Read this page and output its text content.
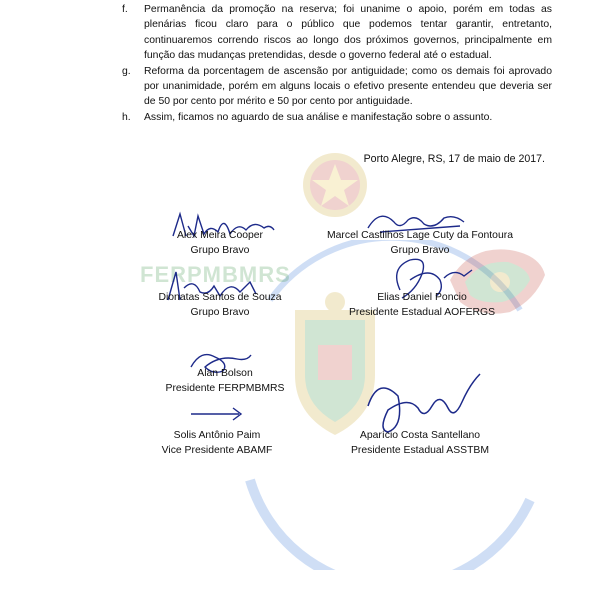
FERPMBMRS
f.	Permanência da promoção na reserva; foi unanime o apoio, porém em todas as plenárias ficou claro para o público que podemos tentar garantir, entretanto, continuaremos correndo riscos ao longo dos próximos governos, principalmente em função das mudanças pretendidas, desde o governo federal até o estadual.
g.	Reforma da porcentagem de ascensão por antiguidade; como os demais foi aprovado por unanimidade, porém em alguns locais o efetivo presente entendeu que deveria ser de 50 por cento por mérito e 50 por cento por antiguidade.
h.	Assim, ficamos no aguardo de sua análise e manifestação sobre o assunto.
Porto Alegre, RS, 17 de maio de 2017.
Alex Meira Cooper
Grupo Bravo
Marcel Castilhos Lage Cuty da Fontoura
Grupo Bravo
Dionatas Santos de Souza
Grupo Bravo
Elias Daniel Poncio
Presidente Estadual AOFERGS
Alan Bolson
Presidente FERPMBMRS
Solis Antônio Paim
Vice Presidente ABAMF
Aparício Costa Santellano
Presidente Estadual ASSTBM
